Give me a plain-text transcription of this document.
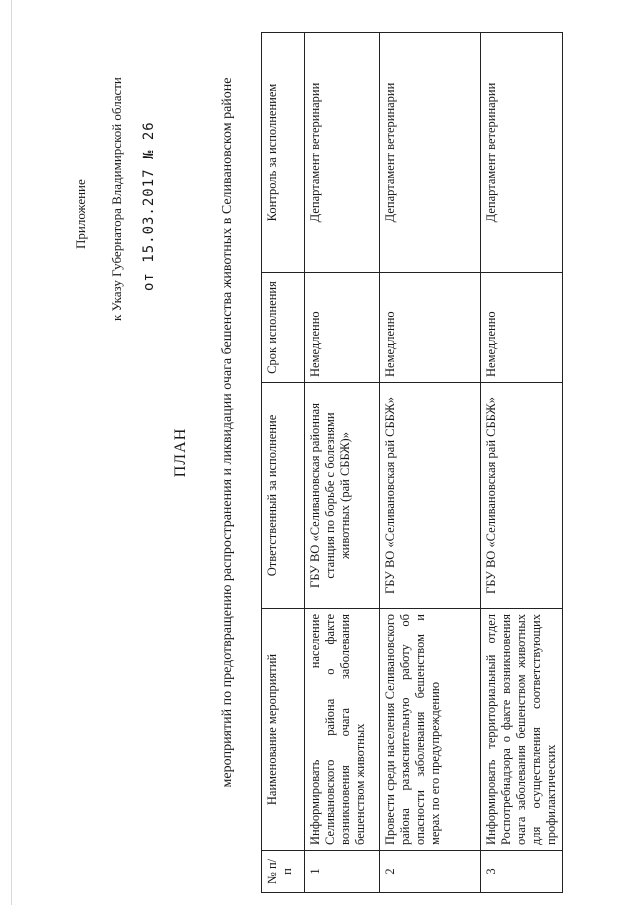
Приложение к Указу Губернатора Владимирской области от 15.03.2017 № 26
ПЛАН мероприятий по предотвращению распространения и ликвидации очага бешенства животных в Селивановском районе
№ п/п	Наименование мероприятий	Ответственный за исполнение	Срок исполнения	Контроль за исполнением
1	Информировать население Селивановского района о факте возникновения очага заболевания бешенством животных	ГБУ ВО «Селивановская районная станция по борьбе с болезнями животных (рай СББЖ)»	Немедленно	Департамент ветеринарии
2	Провести среди населения Селивановского района разъяснительную работу об опасности заболевания бешенством и мерах по его предупреждению	ГБУ ВО «Селивановская рай СББЖ»	Немедленно	Департамент ветеринарии
3	Информировать территориальный отдел Роспотребнадзора о факте возникновения очага заболевания бешенством животных для осуществления соответствующих профилактических	ГБУ ВО «Селивановская рай СББЖ»	Немедленно	Департамент ветеринарии
